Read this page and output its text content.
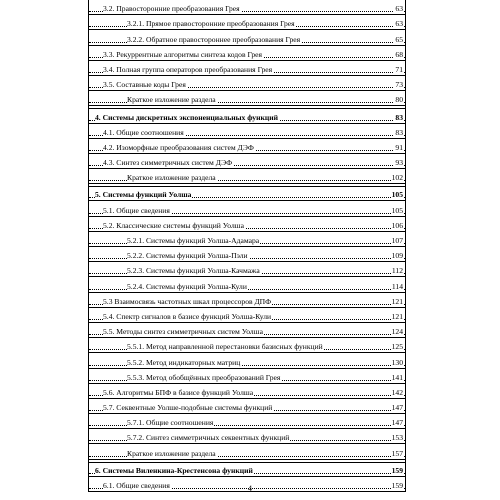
3.2. Правосторонние преобразования Грея	63
3.2.1. Прямое правосторонние преобразования Грея	63
3.2.2. Обратное правостороннее преобразования Грея	65
3.3. Рекуррентные алгоритмы синтеза кодов Грея	68
3.4. Полная группа операторов преобразования Грея	71
3.5. Составные коды Грея	73
Краткое изложение раздела	80
4. Системы дискретных экспоненциальных функций	83
4.1. Общие соотношения	83
4.2. Изоморфные преобразования систем ДЭФ	91
4.3. Синтез симметричных систем ДЭФ	93
Краткое изложение раздела	102
5. Системы функций Уолша	105
5.1. Общие сведения	105
5.2. Классические системы функций Уолша	106
5.2.1. Системы функций Уолша-Адамара	107
5.2.2. Системы функций Уолша-Пэли	109
5.2.3. Системы функций Уолша-Качмажа	112
5.2.4. Системы функций Уолша-Кули	114
5.3 Взаимосвязь частотных шкал процессоров ДПФ	121
5.4. Спектр сигналов в базисе функций Уолша-Кули	121
5.5. Методы синтез симметричных систем Уолша	124
5.5.1. Метод направленной перестановки базисных функций	125
5.5.2. Метод индикаторных матриц	130
5.5.3. Метод обобщённых преобразований Грея	141
5.6. Алгоритмы БПФ в базисе функций Уолша	142
5.7. Секвентные Уолше-подобные системы функций	147
5.7.1. Общие соотношения	147
5.7.2. Синтез симметричных секвентных функций	153
Краткое изложение раздела	157
6. Системы Виленкина-Крестенсона функций	159
6.1. Общие сведения	159
4
